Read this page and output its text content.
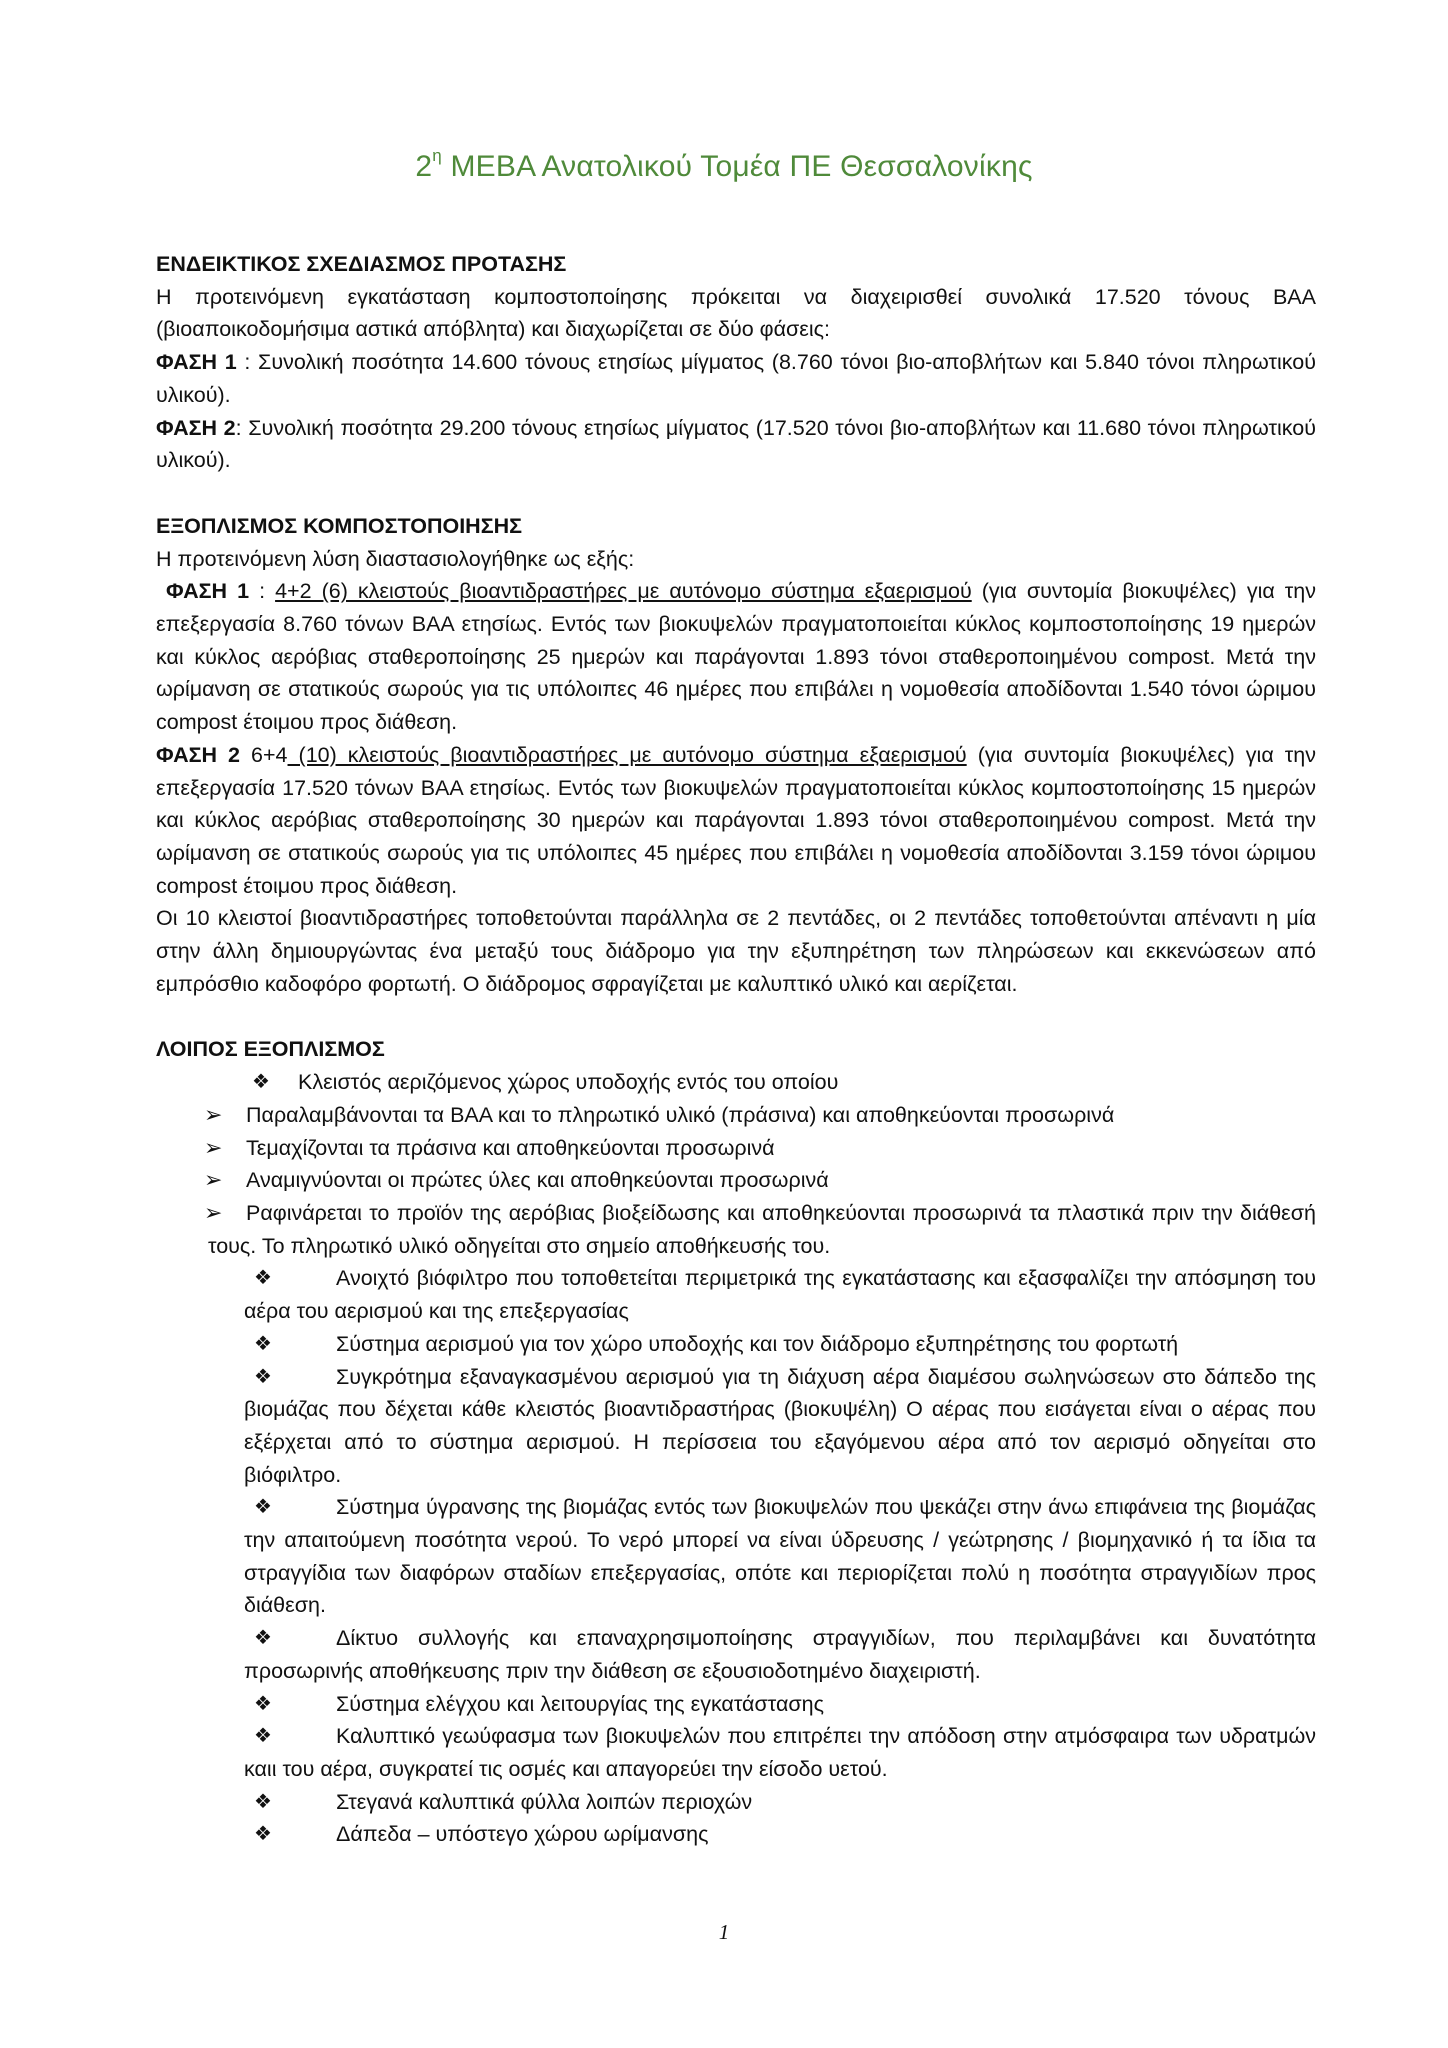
$2^\eta$ ΜΕΒΑ Ανατολικού Τομέα ΠΕ Θεσσαλονίκης

ΕΝΔΕΙΚΤΙΚΟΣ ΣΧΕΔΙΑΣΜΟΣ ΠΡΟΤΑΣΗΣ

Η προτεινόμενη εγκατάσταση κομποστοποίησης πρόκειται να διαχειρισθεί συνολικά 17.520 τόνους ΒΑΑ (βιοαποικοδομήσιμα αστικά απόβλητα) και διαχωρίζεται σε δύο φάσεις:

ΦΑΣΗ 1 : Συνολική ποσότητα 14.600 τόνους ετησίως μίγματος (8.760 τόνοι βιο-αποβλήτων και 5.840 τόνοι πληρωτικού υλικού).

ΦΑΣΗ 2: Συνολική ποσότητα 29.200 τόνους ετησίως μίγματος (17.520 τόνοι βιο-αποβλήτων και 11.680 τόνοι πληρωτικού υλικού).

ΕΞΟΠΛΙΣΜΟΣ ΚΟΜΠΟΣΤΟΠΟΙΗΣΗΣ

Η προτεινόμενη λύση διαστασιολογήθηκε ως εξής:

ΦΑΣΗ 1 : 4+2 (6) κλειστούς βιοαντιδραστήρες με αυτόνομο σύστημα εξαερισμού (για συντομία βιοκυψέλες) για την επεξεργασία 8.760 τόνων ΒΑΑ ετησίως. Εντός των βιοκυψελών πραγματοποιείται κύκλος κομποστοποίησης 19 ημερών και κύκλος αερόβιας σταθεροποίησης 25 ημερών και παράγονται 1.893 τόνοι σταθεροποιημένου compost. Μετά την ωρίμανση σε στατικούς σωρούς για τις υπόλοιπες 46 ημέρες που επιβάλει η νομοθεσία αποδίδονται 1.540 τόνοι ώριμου compost έτοιμου προς διάθεση.

ΦΑΣΗ 2 6+4 (10) κλειστούς βιοαντιδραστήρες με αυτόνομο σύστημα εξαερισμού (για συντομία βιοκυψέλες) για την επεξεργασία 17.520 τόνων ΒΑΑ ετησίως. Εντός των βιοκυψελών πραγματοποιείται κύκλος κομποστοποίησης 15 ημερών και κύκλος αερόβιας σταθεροποίησης 30 ημερών και παράγονται 1.893 τόνοι σταθεροποιημένου compost. Μετά την ωρίμανση σε στατικούς σωρούς για τις υπόλοιπες 45 ημέρες που επιβάλει η νομοθεσία αποδίδονται 3.159 τόνοι ώριμου compost έτοιμου προς διάθεση.

Οι 10 κλειστοί βιοαντιδραστήρες τοποθετούνται παράλληλα σε 2 πεντάδες, οι 2 πεντάδες τοποθετούνται απέναντι η μία στην άλλη δημιουργώντας ένα μεταξύ τους διάδρομο για την εξυπηρέτηση των πληρώσεων και εκκενώσεων από εμπρόσθιο καδοφόρο φορτωτή. Ο διάδρομος σφραγίζεται με καλυπτικό υλικό και αερίζεται.

ΛΟΙΠΟΣ ΕΞΟΠΛΙΣΜΟΣ

❖ Κλειστός αεριζόμενος χώρος υποδοχής εντός του οποίου
➢ Παραλαμβάνονται τα ΒΑΑ και το πληρωτικό υλικό (πράσινα) και αποθηκεύονται προσωρινά
➢ Τεμαχίζονται τα πράσινα και αποθηκεύονται προσωρινά
➢ Αναμιγνύονται οι πρώτες ύλες και αποθηκεύονται προσωρινά
➢ Ραφινάρεται το προϊόν της αερόβιας βιοξείδωσης και αποθηκεύονται προσωρινά τα πλαστικά πριν την διάθεσή τους. Το πληρωτικό υλικό οδηγείται στο σημείο αποθήκευσής του.
❖	Ανοιχτό βιόφιλτρο που τοποθετείται περιμετρικά της εγκατάστασης και εξασφαλίζει την απόσμηση του αέρα του αερισμού και της επεξεργασίας
❖	Σύστημα αερισμού για τον χώρο υποδοχής και τον διάδρομο εξυπηρέτησης του φορτωτή
❖	Συγκρότημα εξαναγκασμένου αερισμού για τη διάχυση αέρα διαμέσου σωληνώσεων στο δάπεδο της βιομάζας που δέχεται κάθε κλειστός βιοαντιδραστήρας (βιοκυψέλη) Ο αέρας που εισάγεται είναι ο αέρας που εξέρχεται από το σύστημα αερισμού. Η περίσσεια του εξαγόμενου αέρα από τον αερισμό οδηγείται στο βιόφιλτρο.
❖	Σύστημα ύγρανσης της βιομάζας εντός των βιοκυψελών που ψεκάζει στην άνω επιφάνεια της βιομάζας την απαιτούμενη ποσότητα νερού. Το νερό μπορεί να είναι ύδρευσης / γεώτρησης / βιομηχανικό ή τα ίδια τα στραγγίδια των διαφόρων σταδίων επεξεργασίας, οπότε και περιορίζεται πολύ η ποσότητα στραγγιδίων προς διάθεση.
❖	Δίκτυο συλλογής και επαναχρησιμοποίησης στραγγιδίων, που περιλαμβάνει και δυνατότητα προσωρινής αποθήκευσης πριν την διάθεση σε εξουσιοδοτημένο διαχειριστή.
❖	Σύστημα ελέγχου και λειτουργίας της εγκατάστασης
❖	Καλυπτικό γεωύφασμα των βιοκυψελών που επιτρέπει την απόδοση στην ατμόσφαιρα των υδρατμών καιι του αέρα, συγκρατεί τις οσμές και απαγορεύει την είσοδο υετού.
❖	Στεγανά καλυπτικά φύλλα λοιπών περιοχών
❖	Δάπεδα – υπόστεγο χώρου ωρίμανσης
1
